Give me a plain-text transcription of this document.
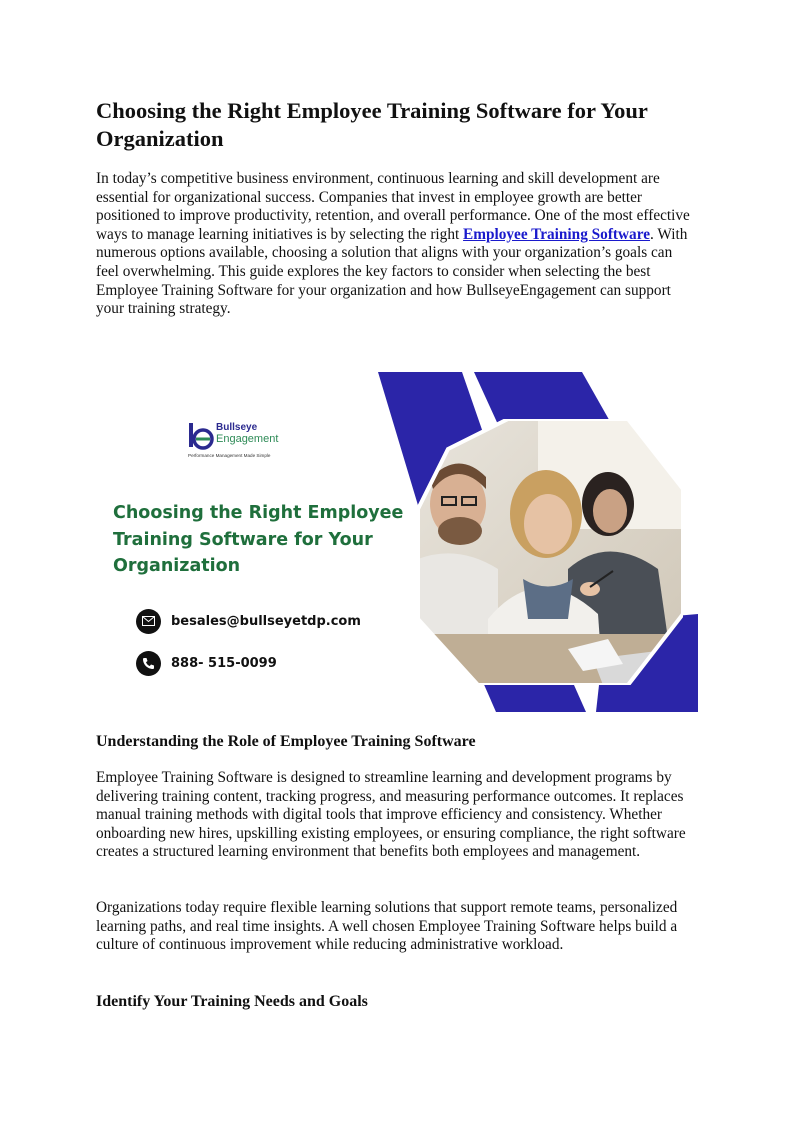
Choosing the Right Employee Training Software for Your Organization

In today’s competitive business environment, continuous learning and skill development are essential for organizational success. Companies that invest in employee growth are better positioned to improve productivity, retention, and overall performance. One of the most effective ways to manage learning initiatives is by selecting the right Employee Training Software. With numerous options available, choosing a solution that aligns with your organization’s goals can feel overwhelming. This guide explores the key factors to consider when selecting the best Employee Training Software for your organization and how BullseyeEngagement can support your training strategy.

Understanding the Role of Employee Training Software

Employee Training Software is designed to streamline learning and development programs by delivering training content, tracking progress, and measuring performance outcomes. It replaces manual training methods with digital tools that improve efficiency and consistency. Whether onboarding new hires, upskilling existing employees, or ensuring compliance, the right software creates a structured learning environment that benefits both employees and management.

Organizations today require flexible learning solutions that support remote teams, personalized learning paths, and real time insights. A well chosen Employee Training Software helps build a culture of continuous improvement while reducing administrative workload.

Identify Your Training Needs and Goals
Bullseye
Engagement
Performance Management Made Simple
Choosing the Right Employee Training Software for Your Organization
besales@bullseyetdp.com
888- 515-0099
